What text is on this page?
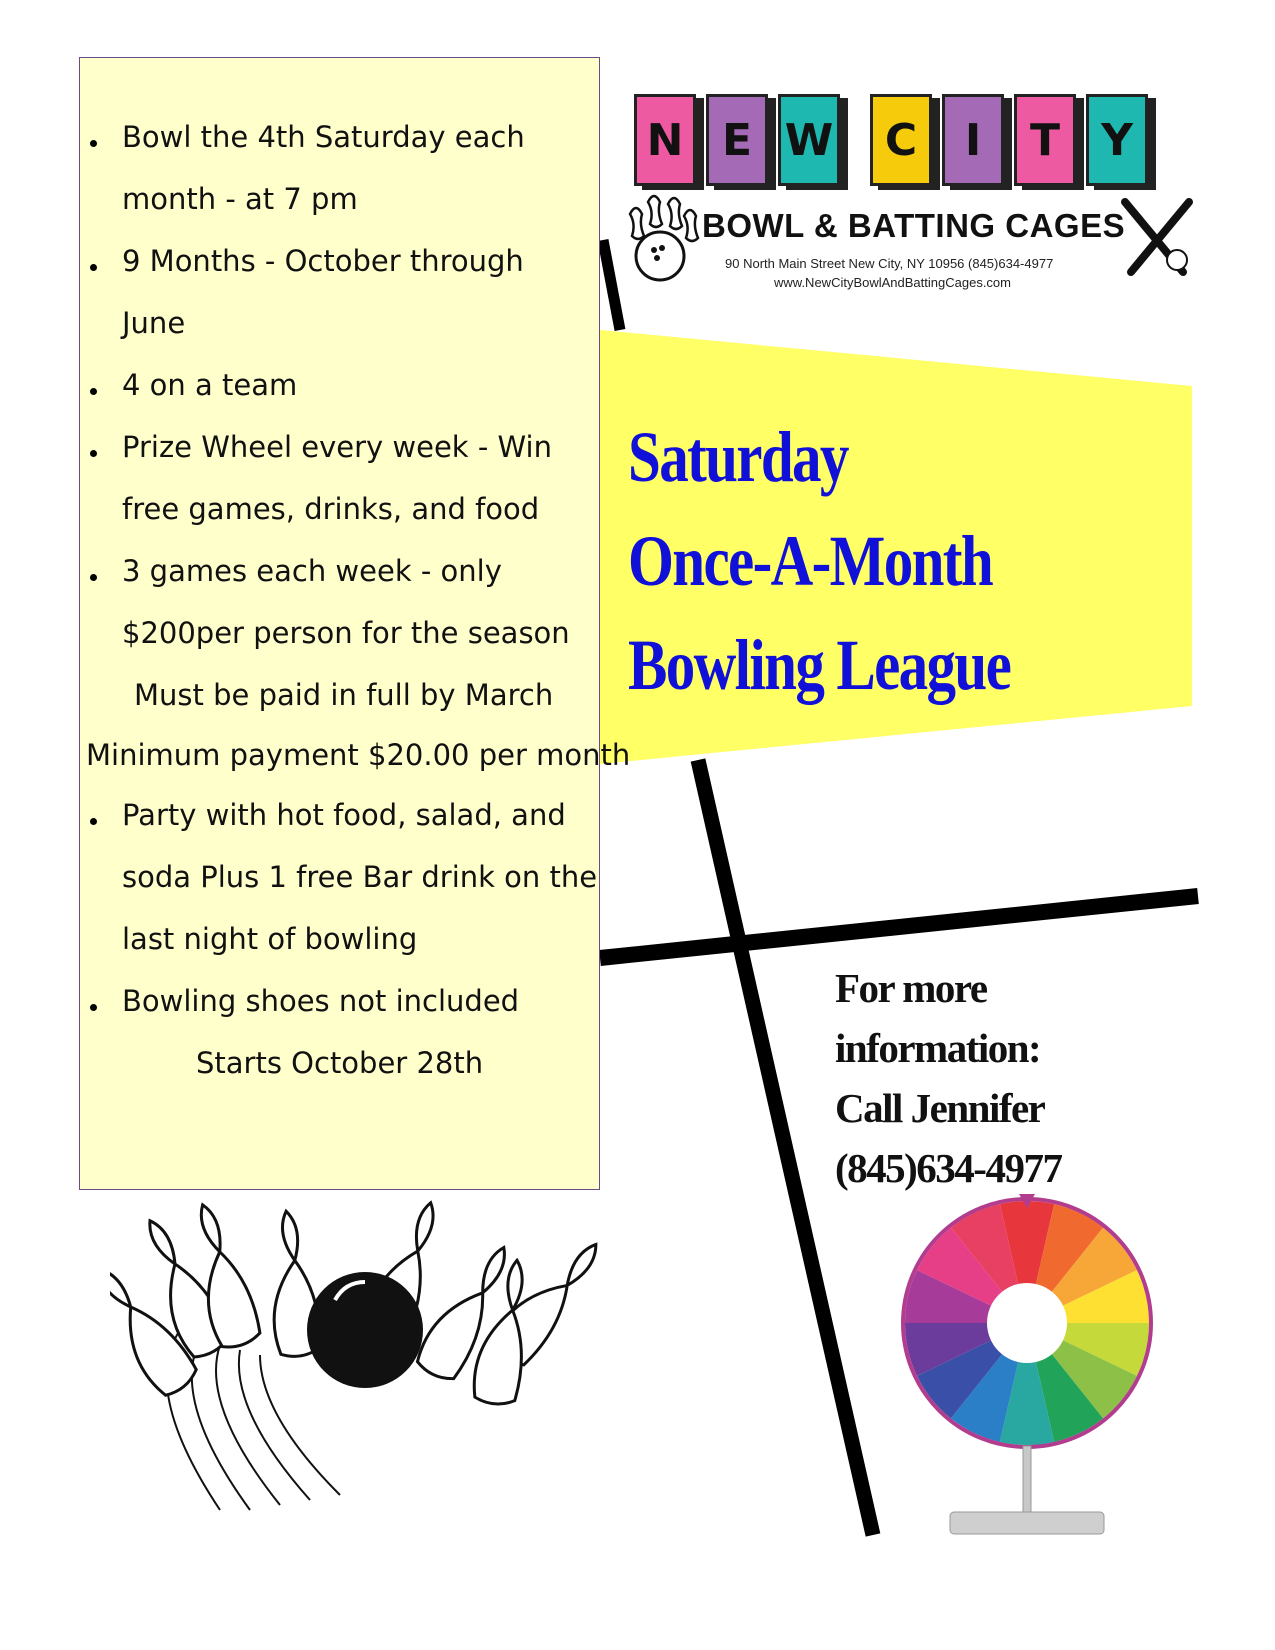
Bowl the 4th Saturday each
month - at 7 pm
9 Months - October through
June
4 on a team
Prize Wheel every week - Win
free games, drinks, and food
3 games each week - only
$200per person for the season
Must be paid in full by March
Minimum payment $20.00 per month
Party with hot food, salad, and
soda Plus 1 free Bar drink on the
last night of bowling
Bowling shoes not included
Starts October 28th
N E W	C	I	T Y
BOWL & BATTING CAGES
90 North Main Street New City, NY 10956 (845)634-4977
www.NewCityBowlAndBattingCages.com
Saturday
Once-A-Month
Bowling League
For more
information:
Call Jennifer
(845)634-4977
